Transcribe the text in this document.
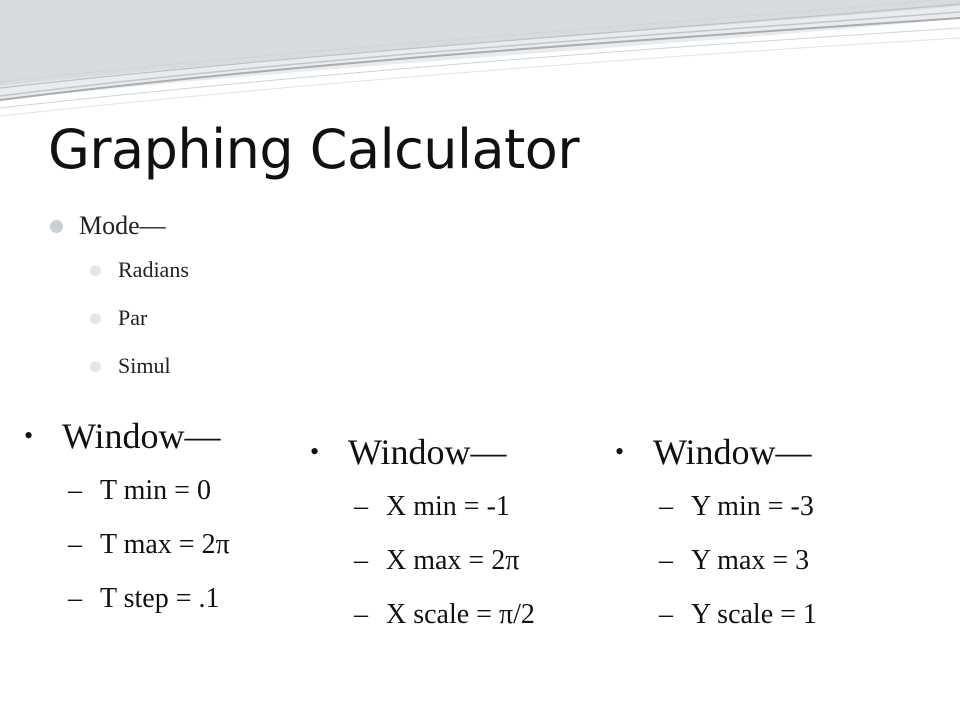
Graphing Calculator
Mode—
Radians
Par
Simul
• Window—
– T min = 0
– T max = 2π
– T step = .1
• Window—
– X min = -1
– X max = 2π
– X scale = π/2
• Window—
– Y min = -3
– Y max = 3
– Y scale = 1
